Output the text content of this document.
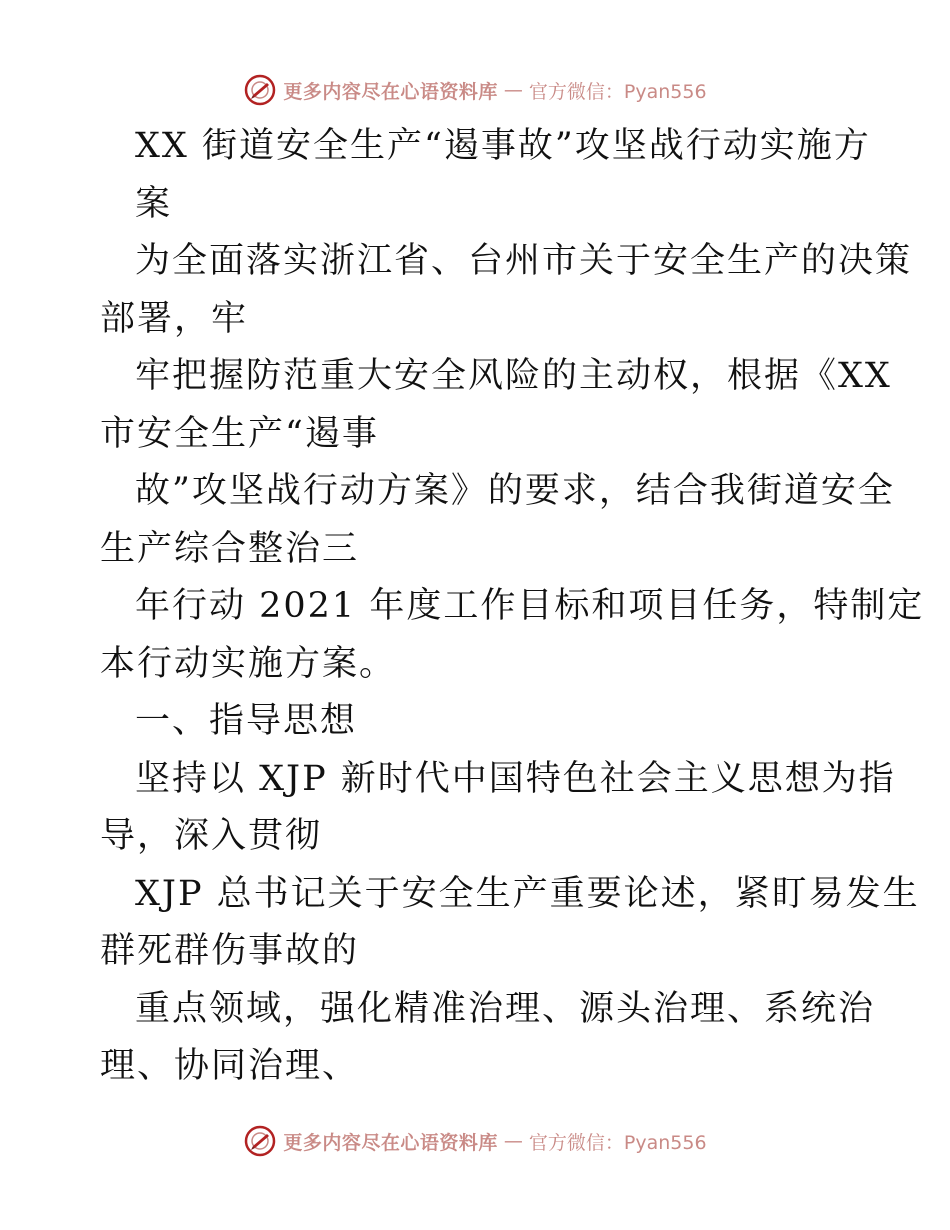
更多内容尽在心语资料库 — 官方微信：Pyan556
XX 街道安全生产“遏事故”攻坚战行动实施方
案
为全面落实浙江省、台州市关于安全生产的决策
部署，牢
牢把握防范重大安全风险的主动权，根据《XX
市安全生产“遏事
故”攻坚战行动方案》的要求，结合我街道安全
生产综合整治三
年行动 2021 年度工作目标和项目任务，特制定
本行动实施方案。
一、指导思想
坚持以 XJP 新时代中国特色社会主义思想为指
导，深入贯彻
XJP 总书记关于安全生产重要论述，紧盯易发生
群死群伤事故的
重点领域，强化精准治理、源头治理、系统治
理、协同治理、
更多内容尽在心语资料库 — 官方微信：Pyan556
